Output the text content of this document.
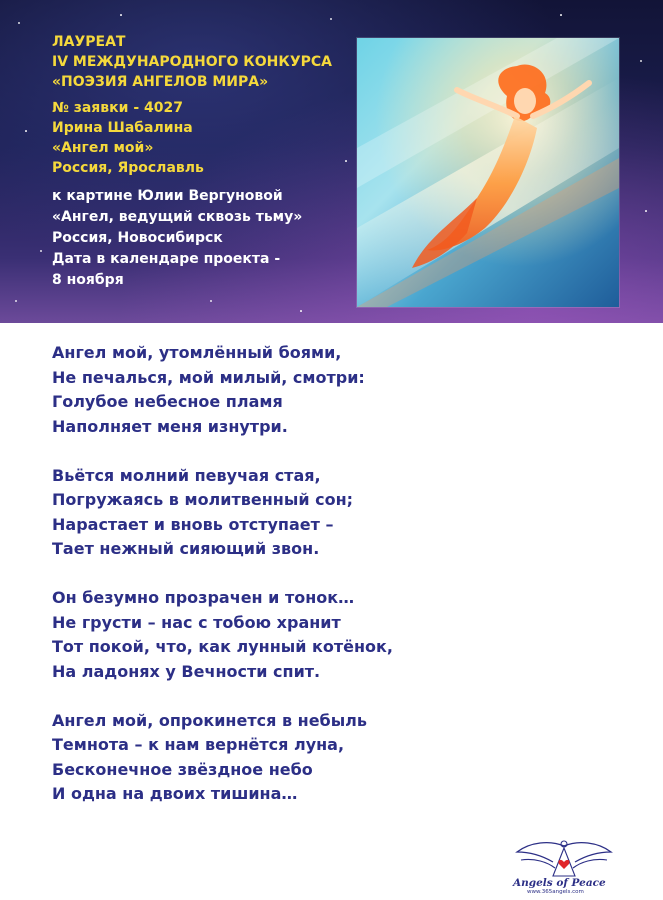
ЛАУРЕАТ
IV МЕЖДУНАРОДНОГО КОНКУРСА
«ПОЭЗИЯ АНГЕЛОВ МИРА»
№ заявки - 4027
Ирина Шабалина
«Ангел мой»
Россия, Ярославль
к картине Юлии Вергуновой
«Ангел, ведущий сквозь тьму»
Россия, Новосибирск
Дата в календаре проекта -
8 ноября
Ангел мой, утомлённый боями,
Не печалься, мой милый, смотри:
Голубое небесное пламя
Наполняет меня изнутри.
Вьётся молний певучая стая,
Погружаясь в молитвенный сон;
Нарастает и вновь отступает –
Тает нежный сияющий звон.
Он безумно прозрачен и тонок…
Не грусти – нас с тобою хранит
Тот покой, что, как лунный котёнок,
На ладонях у Вечности спит.
Ангел мой, опрокинется в небыль
Темнота – к нам вернётся луна,
Бесконечное звёздное небо
И одна на двоих тишина…
Angels of Peace
www.365angels.com
